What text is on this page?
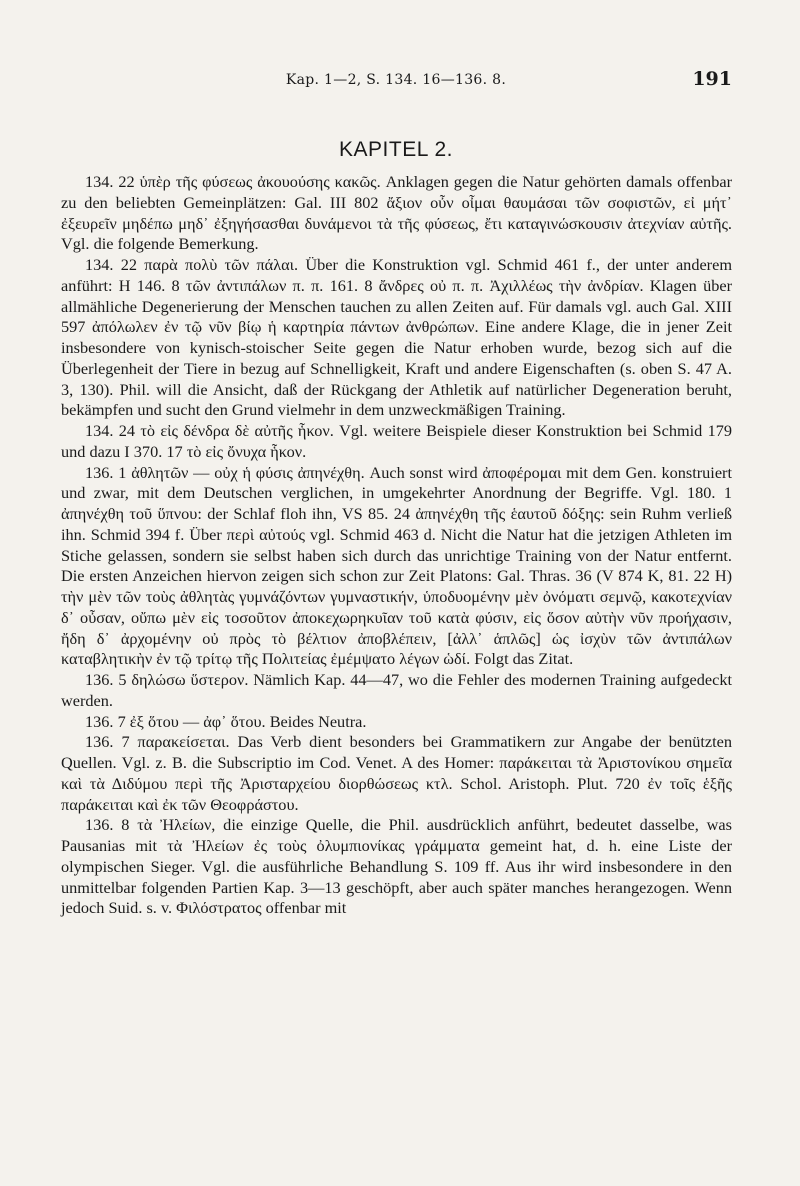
Kap. 1—2, S. 134. 16—136. 8.	191
KAPITEL 2.

134. 22 ὑπὲρ τῆς φύσεως ἀκουούσης κακῶς. Anklagen gegen die Natur gehörten damals offenbar zu den beliebten Gemeinplätzen: Gal. III 802 ἄξιον οὖν οἶμαι θαυμάσαι τῶν σοφιστῶν, εἰ μήτ᾽ ἐξευρεῖν μηδέπω μηδ᾽ ἐξηγήσασθαι δυνάμενοι τὰ τῆς φύσεως, ἔτι καταγινώσκουσιν ἀτεχνίαν αὐτῆς. Vgl. die folgende Bemerkung.

134. 22 παρὰ πολὺ τῶν πάλαι. Über die Konstruktion vgl. Schmid 461 f., der unter anderem anführt: H 146. 8 τῶν ἀντιπάλων π. π. 161. 8 ἄνδρες οὐ π. π. Ἀχιλλέως τὴν ἀνδρίαν. Klagen über allmähliche Degenerierung der Menschen tauchen zu allen Zeiten auf. Für damals vgl. auch Gal. XIII 597 ἀπόλωλεν ἐν τῷ νῦν βίῳ ἡ καρτηρία πάντων ἀνθρώπων. Eine andere Klage, die in jener Zeit insbesondere von kynisch-stoischer Seite gegen die Natur erhoben wurde, bezog sich auf die Überlegenheit der Tiere in bezug auf Schnelligkeit, Kraft und andere Eigenschaften (s. oben S. 47 A. 3, 130). Phil. will die Ansicht, daß der Rückgang der Athletik auf natürlicher Degeneration beruht, bekämpfen und sucht den Grund vielmehr in dem unzweckmäßigen Training.

134. 24 τὸ εἰς δένδρα δὲ αὐτῆς ἧκον. Vgl. weitere Beispiele dieser Konstruktion bei Schmid 179 und dazu I 370. 17 τὸ εἰς ὄνυχα ἧκον.

136. 1 ἀθλητῶν — οὐχ ἡ φύσις ἀπηνέχθη. Auch sonst wird ἀποφέρομαι mit dem Gen. konstruiert und zwar, mit dem Deutschen verglichen, in umgekehrter Anordnung der Begriffe. Vgl. 180. 1 ἀπηνέχθη τοῦ ὕπνου: der Schlaf floh ihn, VS 85. 24 ἀπηνέχθη τῆς ἑαυτοῦ δόξης: sein Ruhm verließ ihn. Schmid 394 f. Über περὶ αὐτούς vgl. Schmid 463 d. Nicht die Natur hat die jetzigen Athleten im Stiche gelassen, sondern sie selbst haben sich durch das unrichtige Training von der Natur entfernt. Die ersten Anzeichen hiervon zeigen sich schon zur Zeit Platons: Gal. Thras. 36 (V 874 K, 81. 22 H) τὴν μὲν τῶν τοὺς ἀθλητὰς γυμνάζόντων γυμναστικήν, ὑποδυομένην μὲν ὀνόματι σεμνῷ, κακοτεχνίαν δ᾽ οὖσαν, οὔπω μὲν εἰς τοσοῦτον ἀποκεχωρηκυῖαν τοῦ κατὰ φύσιν, εἰς ὅσον αὐτὴν νῦν προήχασιν, ἤδη δ᾽ ἀρχομένην οὐ πρὸς τὸ βέλτιον ἀποβλέπειν, [ἀλλ᾽ ἁπλῶς] ὡς ἰσχὺν τῶν ἀντιπάλων καταβλητικὴν ἐν τῷ τρίτῳ τῆς Πολιτείας ἐμέμψατο λέγων ὡδί. Folgt das Zitat.

136. 5 δηλώσω ὕστερον. Nämlich Kap. 44—47, wo die Fehler des modernen Training aufgedeckt werden.

136. 7 ἐξ ὅτου — ἀφ᾽ ὅτου. Beides Neutra.

136. 7 παρακείσεται. Das Verb dient besonders bei Grammatikern zur Angabe der benützten Quellen. Vgl. z. B. die Subscriptio im Cod. Venet. A des Homer: παράκειται τὰ Ἀριστονίκου σημεῖα καὶ τὰ Διδύμου περὶ τῆς Ἀρισταρχείου διορθώσεως κτλ. Schol. Aristoph. Plut. 720 ἐν τοῖς ἑξῆς παράκειται καὶ ἐκ τῶν Θεοφράστου.

136. 8 τὰ Ἠλείων, die einzige Quelle, die Phil. ausdrücklich anführt, bedeutet dasselbe, was Pausanias mit τὰ Ἠλείων ἐς τοὺς ὀλυμπιονίκας γράμματα gemeint hat, d. h. eine Liste der olympischen Sieger. Vgl. die ausführliche Behandlung S. 109 ff. Aus ihr wird insbesondere in den unmittelbar folgenden Partien Kap. 3—13 geschöpft, aber auch später manches herangezogen. Wenn jedoch Suid. s. v. Φιλόστρατος offenbar mit
